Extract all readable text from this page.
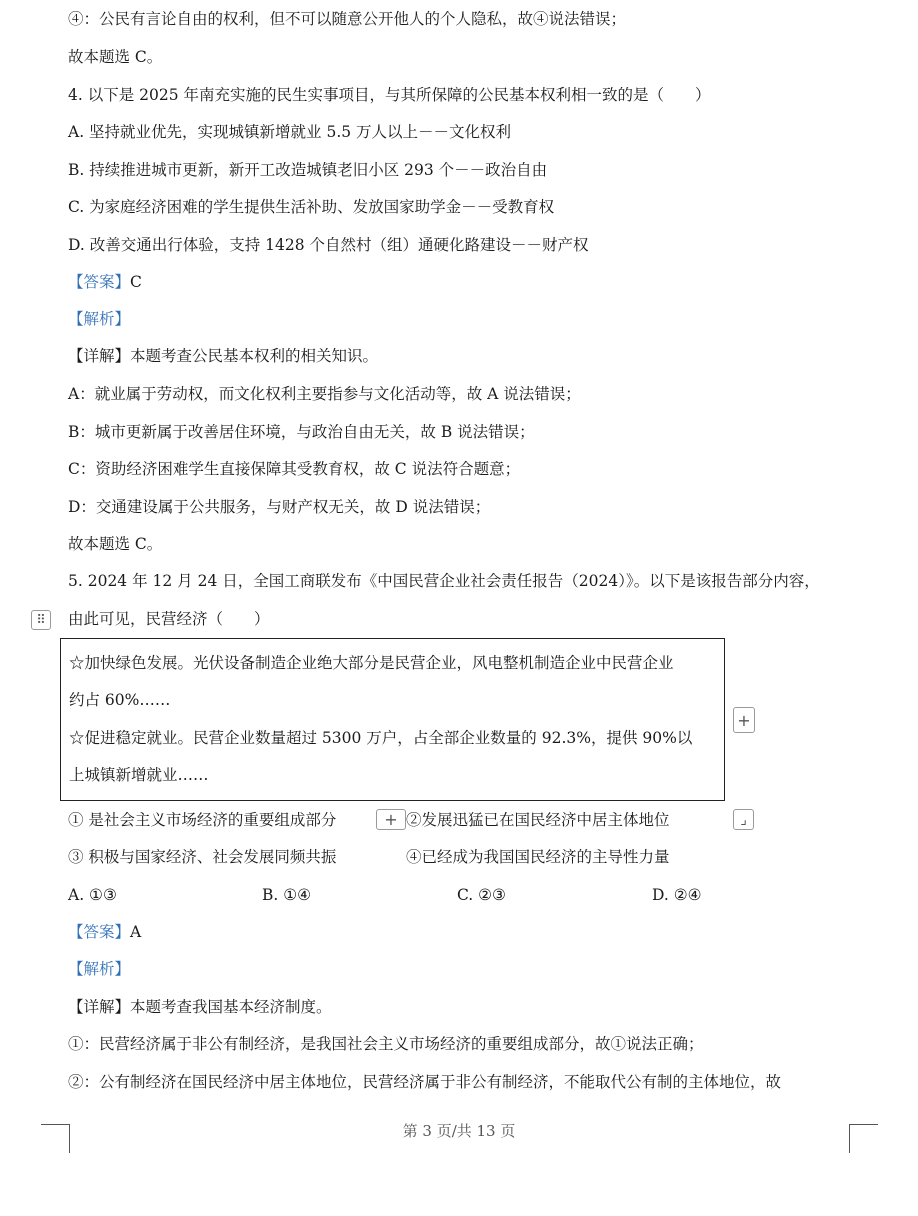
④：公民有言论自由的权利，但不可以随意公开他人的个人隐私，故④说法错误；
故本题选 C。
4. 以下是 2025 年南充实施的民生实事项目，与其所保障的公民基本权利相一致的是（　　）
A. 坚持就业优先，实现城镇新增就业 5.5 万人以上－－文化权利
B. 持续推进城市更新，新开工改造城镇老旧小区 293 个－－政治自由
C. 为家庭经济困难的学生提供生活补助、发放国家助学金－－受教育权
D. 改善交通出行体验，支持 1428 个自然村（组）通硬化路建设－－财产权
【答案】C
【解析】
【详解】本题考查公民基本权利的相关知识。
A：就业属于劳动权，而文化权利主要指参与文化活动等，故 A 说法错误；
B：城市更新属于改善居住环境，与政治自由无关，故 B 说法错误；
C：资助经济困难学生直接保障其受教育权，故 C 说法符合题意；
D：交通建设属于公共服务，与财产权无关，故 D 说法错误；
故本题选 C。
5. 2024 年 12 月 24 日，全国工商联发布《中国民营企业社会责任报告（2024）》。以下是该报告部分内容，
由此可见，民营经济（　　）
⠿
☆加快绿色发展。光伏设备制造企业绝大部分是民营企业，风电整机制造企业中民营企业
约占 60%……
☆促进稳定就业。民营企业数量超过 5300 万户，占全部企业数量的 92.3%，提供 90%以
上城镇新增就业……
+
① 是社会主义市场经济的重要组成部分	+ ②发展迅猛已在国民经济中居主体地位	⌟
③ 积极与国家经济、社会发展同频共振	④已经成为我国国民经济的主导性力量
A. ①③	B. ①④	C. ②③	D. ②④
【答案】A
【解析】
【详解】本题考查我国基本经济制度。
①：民营经济属于非公有制经济，是我国社会主义市场经济的重要组成部分，故①说法正确；
②：公有制经济在国民经济中居主体地位，民营经济属于非公有制经济，不能取代公有制的主体地位，故
第 3 页/共 13 页
